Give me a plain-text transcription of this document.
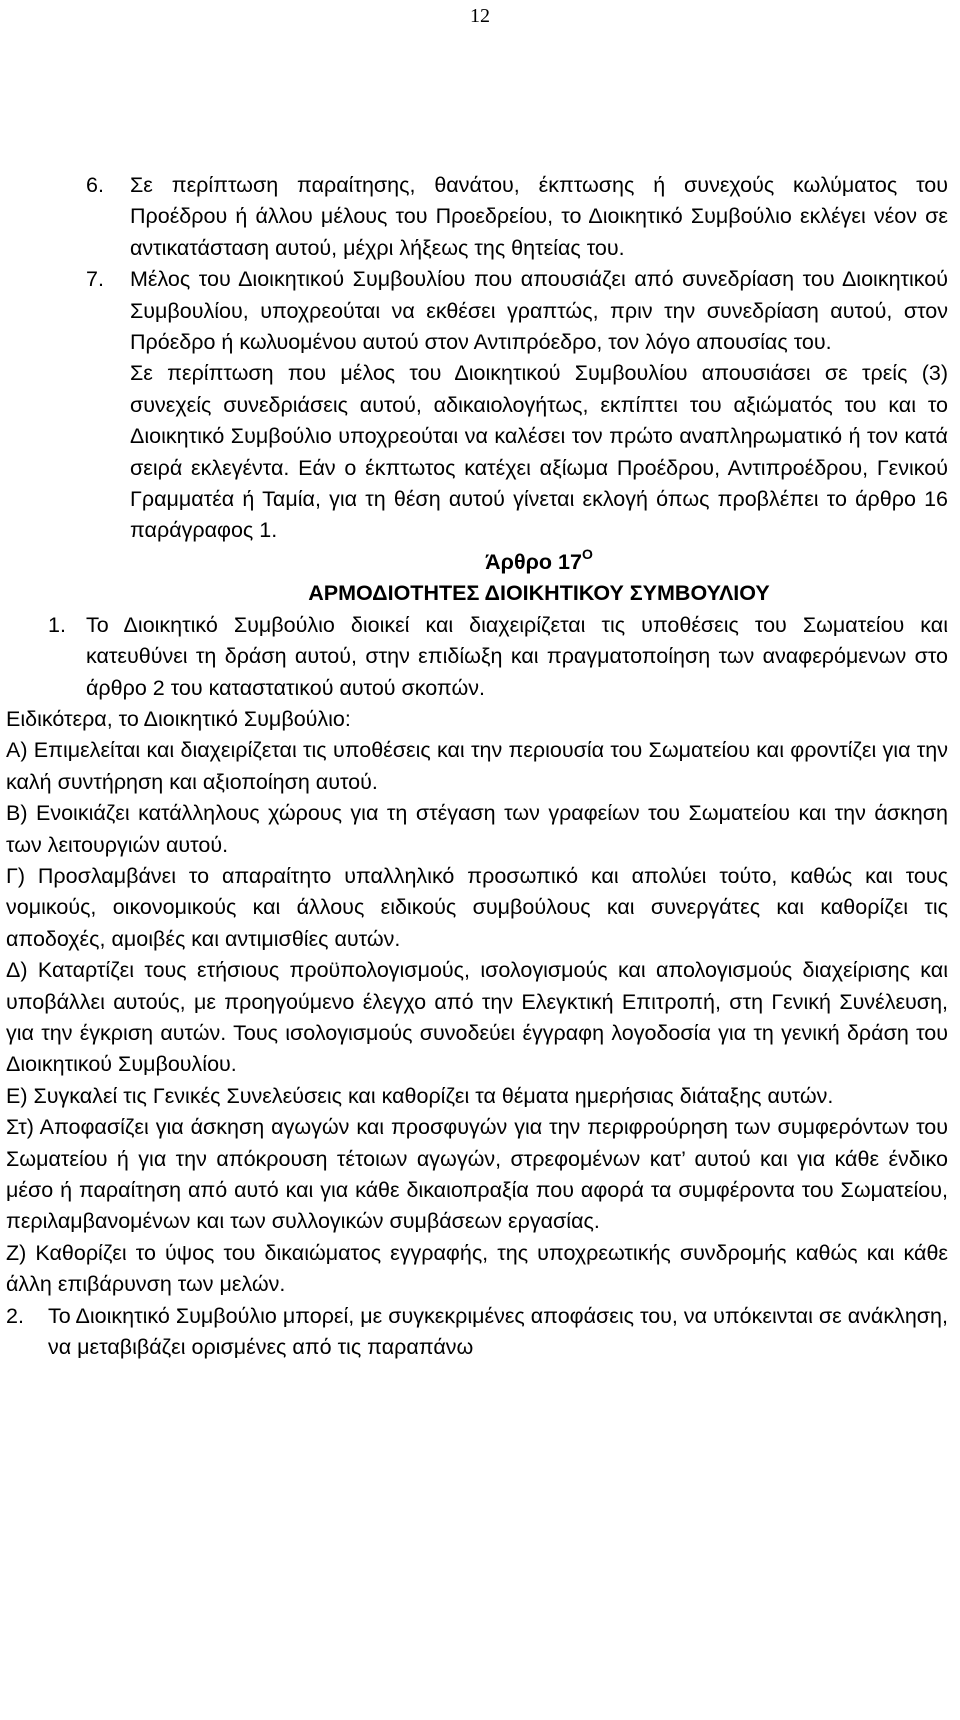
12

6. Σε περίπτωση παραίτησης, θανάτου, έκπτωσης ή συνεχούς κωλύματος του Προέδρου ή άλλου μέλους του Προεδρείου, το Διοικητικό Συμβούλιο εκλέγει νέον σε αντικατάσταση αυτού, μέχρι λήξεως της θητείας του.

7. Μέλος του Διοικητικού Συμβουλίου που απουσιάζει από συνεδρίαση του Διοικητικού Συμβουλίου, υποχρεούται να εκθέσει γραπτώς, πριν την συνεδρίαση αυτού, στον Πρόεδρο ή κωλυομένου αυτού στον Αντιπρόεδρο, τον λόγο απουσίας του.

Σε περίπτωση που μέλος του Διοικητικού Συμβουλίου απουσιάσει σε τρείς (3) συνεχείς συνεδριάσεις αυτού, αδικαιολογήτως, εκπίπτει του αξιώματός του και το Διοικητικό Συμβούλιο υποχρεούται να καλέσει τον πρώτο αναπληρωματικό ή τον κατά σειρά εκλεγέντα. Εάν ο έκπτωτος κατέχει αξίωμα Προέδρου, Αντιπροέδρου, Γενικού Γραμματέα ή Ταμία, για τη θέση αυτού γίνεται εκλογή όπως προβλέπει το άρθρο 16 παράγραφος 1.

Άρθρο $17^O$

ΑΡΜΟΔΙΟΤΗΤΕΣ ΔΙΟΙΚΗΤΙΚΟΥ ΣΥΜΒΟΥΛΙΟΥ

1. Το Διοικητικό Συμβούλιο διοικεί και διαχειρίζεται τις υποθέσεις του Σωματείου και κατευθύνει τη δράση αυτού, στην επιδίωξη και πραγματοποίηση των αναφερόμενων στο άρθρο 2 του καταστατικού αυτού σκοπών.

Ειδικότερα, το Διοικητικό Συμβούλιο:

Α) Επιμελείται και διαχειρίζεται τις υποθέσεις και την περιουσία του Σωματείου και φροντίζει για την καλή συντήρηση και αξιοποίηση αυτού.

Β) Ενοικιάζει κατάλληλους χώρους για τη στέγαση των γραφείων του Σωματείου και την άσκηση των λειτουργιών αυτού.

Γ) Προσλαμβάνει το απαραίτητο υπαλληλικό προσωπικό και απολύει τούτο, καθώς και τους νομικούς, οικονομικούς και άλλους ειδικούς συμβούλους και συνεργάτες και καθορίζει τις αποδοχές, αμοιβές και αντιμισθίες αυτών.

Δ) Καταρτίζει τους ετήσιους προϋπολογισμούς, ισολογισμούς και απολογισμούς διαχείρισης και υποβάλλει αυτούς, με προηγούμενο έλεγχο από την Ελεγκτική Επιτροπή, στη Γενική Συνέλευση, για την έγκριση αυτών. Τους ισολογισμούς συνοδεύει έγγραφη λογοδοσία για τη γενική δράση του Διοικητικού Συμβουλίου.

Ε) Συγκαλεί τις Γενικές Συνελεύσεις και καθορίζει τα θέματα ημερήσιας διάταξης αυτών.

Στ) Αποφασίζει για άσκηση αγωγών και προσφυγών για την περιφρούρηση των συμφερόντων του Σωματείου ή για την απόκρουση τέτοιων αγωγών, στρεφομένων κατ’ αυτού και για κάθε ένδικο μέσο ή παραίτηση από αυτό και για κάθε δικαιοπραξία που αφορά τα συμφέροντα του Σωματείου, περιλαμβανομένων και των συλλογικών συμβάσεων εργασίας.

Ζ) Καθορίζει το ύψος του δικαιώματος εγγραφής, της υποχρεωτικής συνδρομής καθώς και κάθε άλλη επιβάρυνση των μελών.

2. Το Διοικητικό Συμβούλιο μπορεί, με συγκεκριμένες αποφάσεις του, να υπόκεινται σε ανάκληση, να μεταβιβάζει ορισμένες από τις παραπάνω
